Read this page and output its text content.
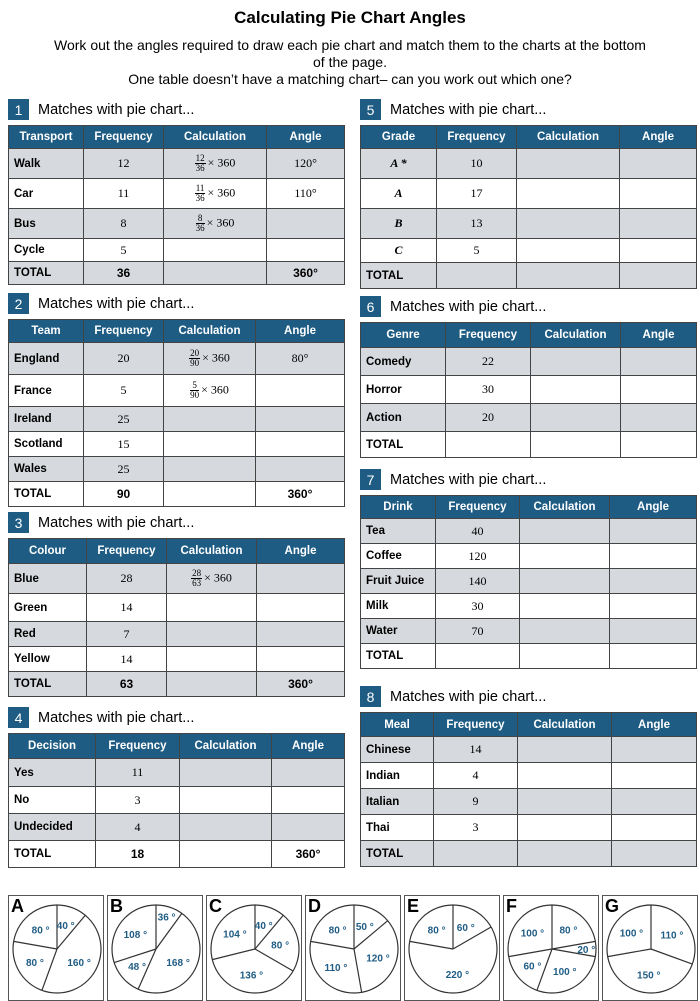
Calculating Pie Chart Angles
Work out the angles required to draw each pie chart and match them to the charts at the bottom
of the page.
One table doesn’t have a matching chart– can you work out which one?
1	Matches with pie chart...
Transport	Frequency	Calculation	Angle
Walk	12	$\frac{12}{36} \times 360$	120°
Car	11	$\frac{11}{36} \times 360$	110°
Bus	8	$\frac{8}{36} \times 360$	
Cycle	5		
TOTAL	36		360°
2	Matches with pie chart...
Team	Frequency	Calculation	Angle
England	20	$\frac{20}{90} \times 360$	80°
France	5	$\frac{5}{90} \times 360$	
Ireland	25		
Scotland	15		
Wales	25		
TOTAL	90		360°
3	Matches with pie chart...
Colour	Frequency	Calculation	Angle
Blue	28	$\frac{28}{63} \times 360$	
Green	14		
Red	7		
Yellow	14		
TOTAL	63		360°
4	Matches with pie chart...
Decision	Frequency	Calculation	Angle
Yes	11		
No	3		
Undecided	4		
TOTAL	18		360°
5	Matches with pie chart...
Grade	Frequency	Calculation	Angle
A *	10		
A	17		
B	13		
C	5		
TOTAL			
6	Matches with pie chart...
Genre	Frequency	Calculation	Angle
Comedy	22		
Horror	30		
Action	20		
TOTAL			
7	Matches with pie chart...
Drink	Frequency	Calculation	Angle
Tea	40		
Coffee	120		
Fruit Juice	140		
Milk	30		
Water	70		
TOTAL			
8	Matches with pie chart...
Meal	Frequency	Calculation	Angle
Chinese	14		
Indian	4		
Italian	9		
Thai	3		
TOTAL			
40 °
160 °
80 °
80 °
A
36 °
168 °
48 °
108 °
B
40 °
80 °
136 °
104 °
C
50 °
120 °
110 °
80 °
D
60 °
220 °
80 °
E
80 °
20 °
100 °
60 °
100 °
F
110 °
150 °
100 °
G
